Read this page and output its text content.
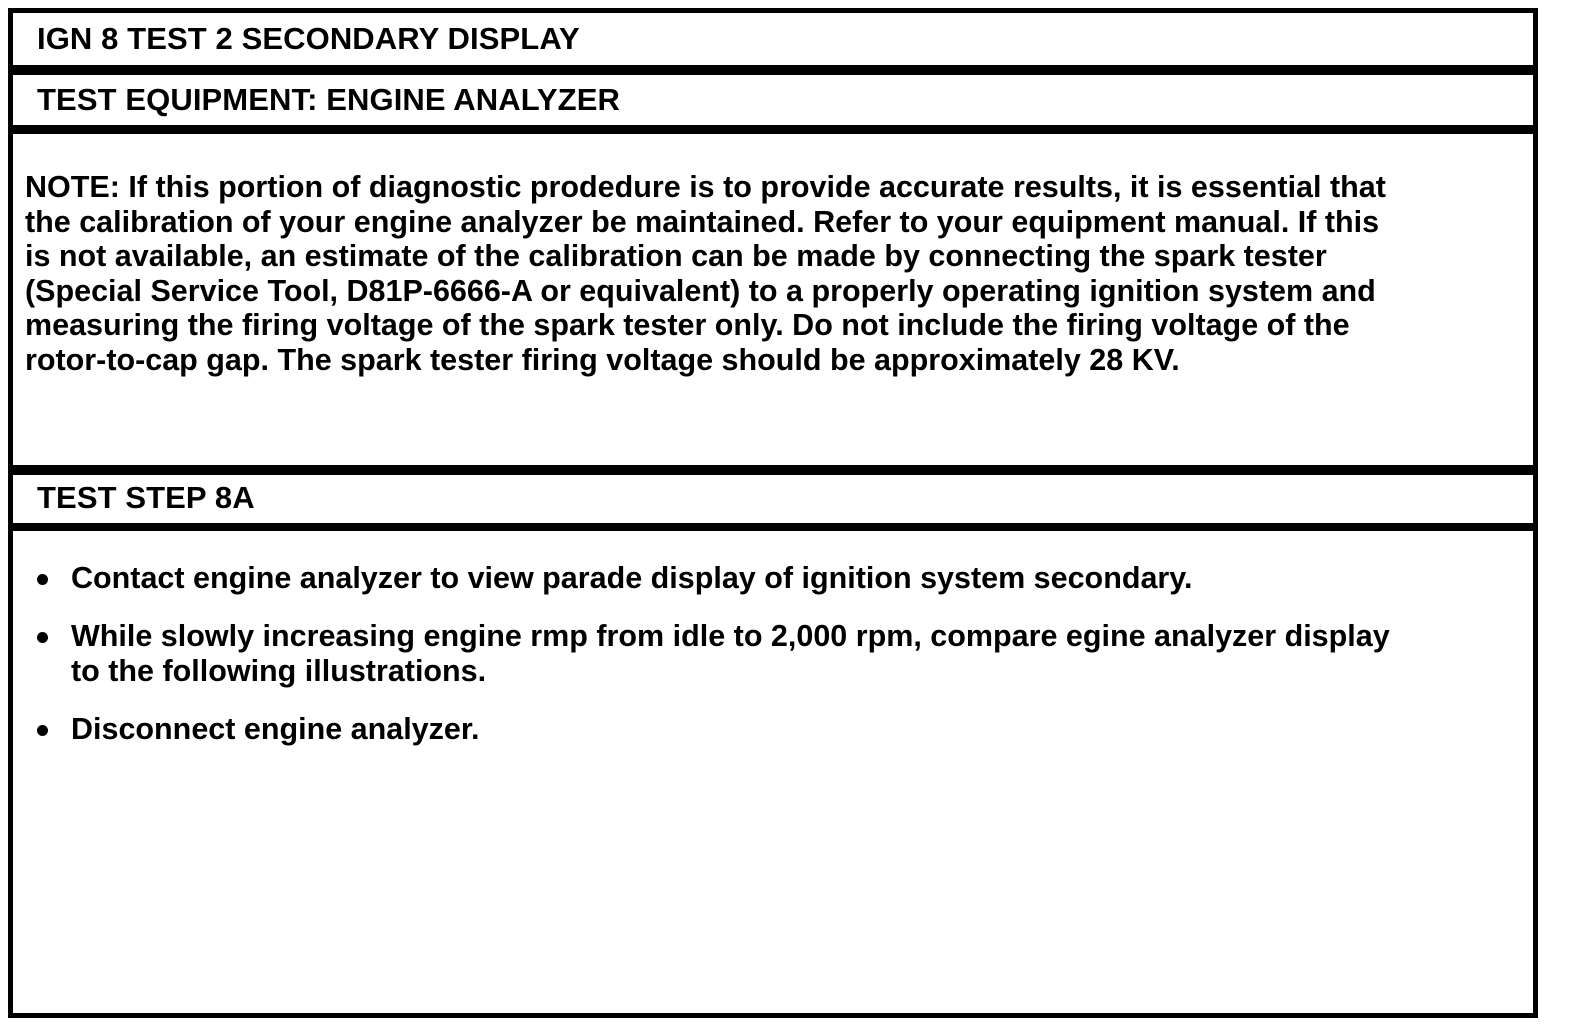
IGN 8 TEST 2 SECONDARY DISPLAY
TEST EQUIPMENT: ENGINE ANALYZER
NOTE: If this portion of diagnostic prodedure is to provide accurate results, it is essential that
the calibration of your engine analyzer be maintained. Refer to your equipment manual. If this
is not available, an estimate of the calibration can be made by connecting the spark tester
(Special Service Tool, D81P-6666-A or equivalent) to a properly operating ignition system and
measuring the firing voltage of the spark tester only. Do not include the firing voltage of the
rotor-to-cap gap. The spark tester firing voltage should be approximately 28 KV.
TEST STEP 8A
Contact engine analyzer to view parade display of ignition system secondary.
While slowly increasing engine rmp from idle to 2,000 rpm, compare egine analyzer display
to the following illustrations.
Disconnect engine analyzer.
